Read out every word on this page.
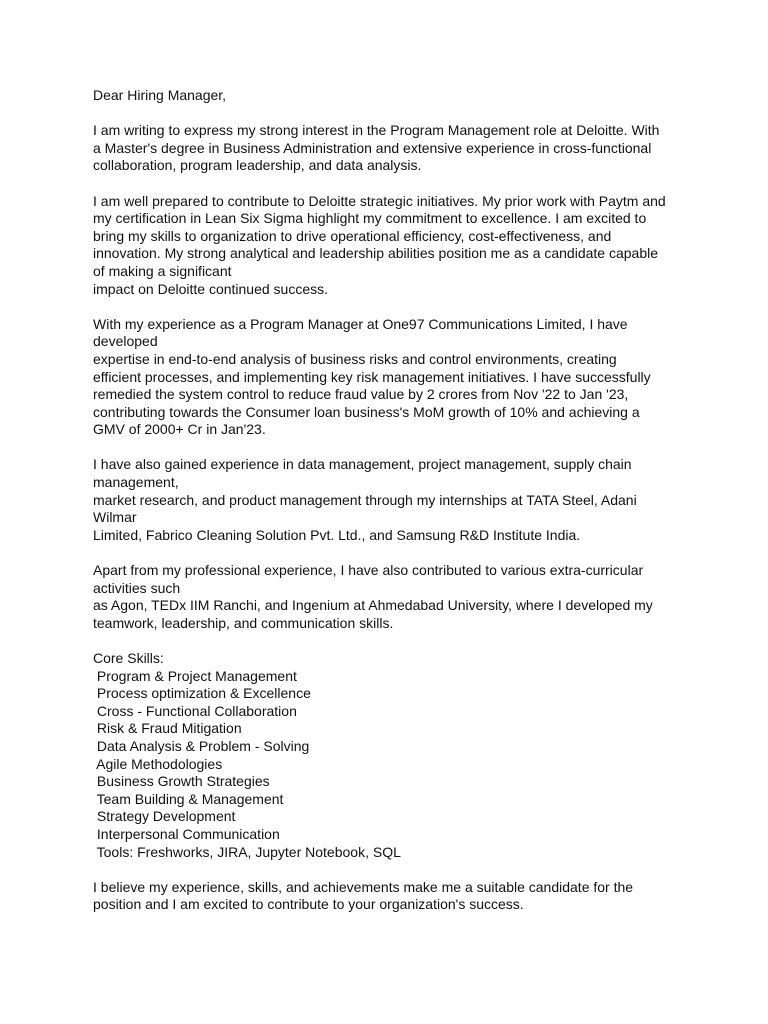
Dear Hiring Manager,
I am writing to express my strong interest in the Program Management role at Deloitte. With
a Master's degree in Business Administration and extensive experience in cross-functional
collaboration, program leadership, and data analysis.
I am well prepared to contribute to Deloitte strategic initiatives. My prior work with Paytm and
my certification in Lean Six Sigma highlight my commitment to excellence. I am excited to
bring my skills to organization to drive operational efficiency, cost-effectiveness, and
innovation. My strong analytical and leadership abilities position me as a candidate capable
of making a significant
impact on Deloitte continued success.
With my experience as a Program Manager at One97 Communications Limited, I have
developed
expertise in end-to-end analysis of business risks and control environments, creating
efficient processes, and implementing key risk management initiatives. I have successfully
remedied the system control to reduce fraud value by 2 crores from Nov '22 to Jan '23,
contributing towards the Consumer loan business's MoM growth of 10% and achieving a
GMV of 2000+ Cr in Jan'23.
I have also gained experience in data management, project management, supply chain
management,
market research, and product management through my internships at TATA Steel, Adani
Wilmar
Limited, Fabrico Cleaning Solution Pvt. Ltd., and Samsung R&D Institute India.
Apart from my professional experience, I have also contributed to various extra-curricular
activities such
as Agon, TEDx IIM Ranchi, and Ingenium at Ahmedabad University, where I developed my
teamwork, leadership, and communication skills.
Core Skills:
Program & Project Management
Process optimization & Excellence
Cross - Functional Collaboration
Risk & Fraud Mitigation
Data Analysis & Problem - Solving
Agile Methodologies
Business Growth Strategies
Team Building & Management
Strategy Development
Interpersonal Communication
Tools: Freshworks, JIRA, Jupyter Notebook, SQL
I believe my experience, skills, and achievements make me a suitable candidate for the
position and I am excited to contribute to your organization's success.
